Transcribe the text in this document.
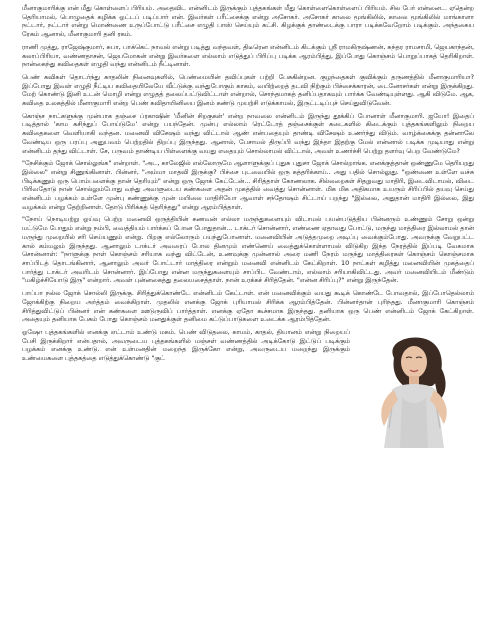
மீனாகுமாரிக்கு என் மீது கொள்ளைப் பிரியம். அதைவிட என்னிடம் இருக்கும் புத்தகங்கள் மீது கொள்ளைகொள்ளைப் பிரியம். சில பேர் என்னை... ஏதென்ற தெரியாமல், பொழுதைக் கழிக்க ஓட்டப் படிப்பார் என். இவர்கள் பரீட்சைக்கு என்று அசோகர். அசோகர் காலை மூங்கிலில், காலை மூங்கிலில் மாங்காளா நட்டார், நட்டார் என்று மொண்ணை உருப்போட்டு பரீட்சை எழுதி பாஸ் செய்யும் கட்சி. கிழக்குக் தாண்டைக்கு பாரா படிக்கவேறோம் படிக்கும். அந்தகைய ரேகம் ஆனால், மீனாகுமாரி தனி ரகம்.

ராணி முத்து, ராஜேஷ்குமார், சுபா, பாக்கெட் நாவல் என்று படித்து வந்தவள், திடீரென என்னிடம் கிடக்கும் ஸ்ரீ ராமகிருஷ்ணன், சுந்தர ராமசாமி, ஜெயகாந்தன், கலாப்பிரியா, வண்ணதாசன், ஜெயமோகன் என்று இவர்களை எல்லாம் எடுத்துப் பிரிப்பு படிக்க ஆரம்பித்து, இப்போது கொஞ்சம் பொறுப்பாகத் தெரிகிறாள். நான்கைந்து கவிதைகள் எழுதி வந்து என்னிடம் நீட்டினாள்.

பெண் கவிகள் தொடர்ந்து காதலின் நினைவுகளில், பெண்மையின் தவிப்புகள் பற்றி பேசுகின்றன. குழந்தைகள் குவிக்கும் தருணத்தில் மீனாகுமாரியா? இப்போது இவள் எழுதி நீட்டிய கவிதையிலேயே வீட்டுக்கு வந்துபோகும் காகம், வயிற்றைத் தடவி நிற்கும் பிச்சைக்காரன், டைனோசர்கள் என்று இருக்கிறது. மேற் கொண்டு இனி உடன் மொழி என்று எழுதத் தலைப்பட்டுவிட்டாள் என்றால், சொந்தமாகத் தனிப்பதாகவும் பார்க்க வேண்டியுள்ளது. ஆகி விடுமே. ஆக, கவிதை உலகத்தில் மீனாகுமாரி என்ற பெண் கவிதாயினியை இனம் கண்டு முயற்சி எடுக்காமல், இருட்டடிப்புச் செய்துவிடுவேன்.

கொஞ்ச நாட்களுக்கு முன்பாக தஞ்சை ப்ரகாஷின் 'மீனின் சிறகுகள்' என்ற நாவலை என்னிடம் இருந்து தூக்கிப் போனாள் மீனாகுமாரி. ஐயோ! இதைப் படித்தால் 'காம கசிந்துப் போய்டுமே' என்று பயந்தேன். முன்பு எல்லாம் ரெட்டோத் தஞ்சைக்குள் கடைகளில் கிடைக்கும் புத்தகங்களிலும் நிறைய கவிதைகளை வெளியாகி வந்தன. மனைவி விசேஷம் வந்து விட்டால் ஆண் என்பதையும் தாண்டி விசேஷம் உணர்ந்து விடும். வாழ்க்கைக்கு தன்னாலே வேண்டிய ஒரு பரப்பு அனுபவம் பெற்றதில் திறப்பு இருந்தது. ஆனால், பேசாமல் திருப்பி வந்து இந்தா இதற்கு மேல் என்னால் படிக்க முடியாது என்று என்னிடம் தந்து விட்டாள். சே, பருவம் தாண்டிய பிள்ளைக்கு வயது எதையும் சொல்லாமல் விட்டால், அவள் உணர்ச்சி பெற்று தளர்வு பெற வேண்டுமே?

"நேசிக்கும் ஜோக் சொல்லுங்க" என்றாள். "அட, காலேஜில் எல்லோருமே ஆளாளுக்குப் புதுசு புதுசா ஜோக் சொல்றாங்க. எனக்குத்தான் ஒண்ணுமே தெரியறது இல்லை" என்று சிணுங்கினாள். பின்னர், "அம்மா மாதவி இருக்கு? பிச்சை புடவையில் ஒரு கத்தரிக்காய்.. அது பதில் சொல்லுது. "ஒண்ணை உள்ளே வச்சு பிடிக்கணும் ஒரு பொம்பளைக்கு தான் தெரியும்" என்று ஒரு ஜோக் கேட்டேன்... சிரித்தாள் கோணலாக. சில்லறைகள் சிதறுவது மாதிரி, இடைவிடாமல், விடை பிரிவதோடு நான் சொல்லும்போது வந்து அவளுடைய கண்களை அதன் முகத்தில் வைத்து சொன்னாள். மிக மிக அதிகமாக உயரும் சிரிப்பில் தயவு செய்து என்னிடம் பழக்கம் உள்ளே முன்பு கண்ணுக்கு முன் மயிலை மாதிரியோ ஆவாள் சந்தோஷம் சிட்டாய் பறந்து "இல்லை, அதுதான் மாதிரி இல்லை, இது வழக்கம் என்று தேற்றினாள். தோடு பிரிக்கத் தெரிந்தது" என்று ஆரம்பித்தாள்.

"நோய் நொடியற்று ஓய்வு பெற்ற மனைவி ஒருத்தியின் கணவன் எல்லா மருந்துகளையும் விடாமல் பயன்படுத்திய பின்னரும் உண்ணும் சோறு ஒன்று மட்டுமே போதும் என்று நம்பி, வைத்தியம் பார்க்கப் போன போதுதான்... டாக்டர் சொன்னார், எண்ணை ஏதாவது போட்டு, மருந்து மாத்திரை இல்லாமல் தான் மருந்து முறையில் சரி செய்யணும் என்று. பிறகு எல்லோரும் பயந்துபோனாள். மனைவியின் அடுத்தமுறை அடிப்பு வைக்கும்போது. அவருக்கு வேறுபட்ட கால் கம்மலும் இருந்தது. ஆனாலும் டாக்டர் அவரைப் போல தினமும் எண்ணெய் வைத்துக்கொள்ளாமல் விடுகிற இந்த நேரத்தில் இப்படி வேகமாக சொன்னாள்: "நாளுக்கு நாள் கொஞ்சம் சரியாக வந்து விட்டேன், உணவுக்கு முன்னால் அரை மணி நேரம் மருந்து மாத்திரைகள் கொஞ்சம் கொஞ்சமாக சாப்பிடத் தொடங்கினார், ஆனாலும் அவர் போட்டார் மாத்திரை என்றும் மனைவி என்னிடம் கேட்கிறாள். 10 நாட்கள் கழித்து மனைவியின் முகத்தைப் பார்த்து டாக்டர் அவரிடம் சொன்னார். இப்போது என்ன மருந்துகளையும் சாப்பிட வேண்டாம், எல்லாம் சரியாகிவிட்டது. அவர் மனைவியிடம் மீண்டும் "மகிழ்ச்சியோடு இரு" என்றார். அவள் புன்னகைத்து தலையசைத்தாள். நான் உரக்கச் சிரித்தேன். "என்ன சிரிப்பு?" என்று இருந்தேன்.

பாப்பா நல்ல ஜோக் சொல்லி இருக்கு. சிரித்துக்கொண்டே என்னிடம் கேட்டாள். என் மனைவிக்கும் வயது கூடிக் கொண்டே போவதால், இப்போதெல்லாம் ஜோக்கிற்கு நிறைய அர்த்தம் வைக்கிறாள். முதலில் எனக்கு ஜோக் புரியாமல் சிரிக்க ஆரம்பித்தேன். பின்னர்தான் புரிந்தது. மீனாகுமாரி கொஞ்சம் சிரித்துவிட்டுப் பின்னர் என் கண்களை ஊடுருவிப் பார்த்தாள். எனக்கு ஏதோ கூச்சமாக இருந்தது. தனியாக ஒரு பெண் என்னிடம் ஜோக் கேட்கிறாள். அதையும் தனியாக பேசும் போது கொஞ்சம் மனதுக்குள் தனிமை கட்டுப்பாடுகளை உடைக்க ஆரம்பித்தேன்.

ஓஷோ புத்தகங்களில் எனக்கு எட்டாம் உண்டு மகம். பெண் விடுதலை, காமம், காதல், தியானம் என்று நிறையப் பேசி இருக்கிறார் என்பதால், அவருடைய புத்தகங்களில் மஞ்சள் வண்ணத்தில் அடிக்கோடு இட்டுப் படிக்கும் பழக்கம் எனக்கு உண்டு. என் உள்மனதின் மறைந்த இருக்கோ என்று, அவருடைய மறைந்து இருக்கும் உண்மைகளை புத்தகத்தை எடுத்துக்கொண்டு "குட்
